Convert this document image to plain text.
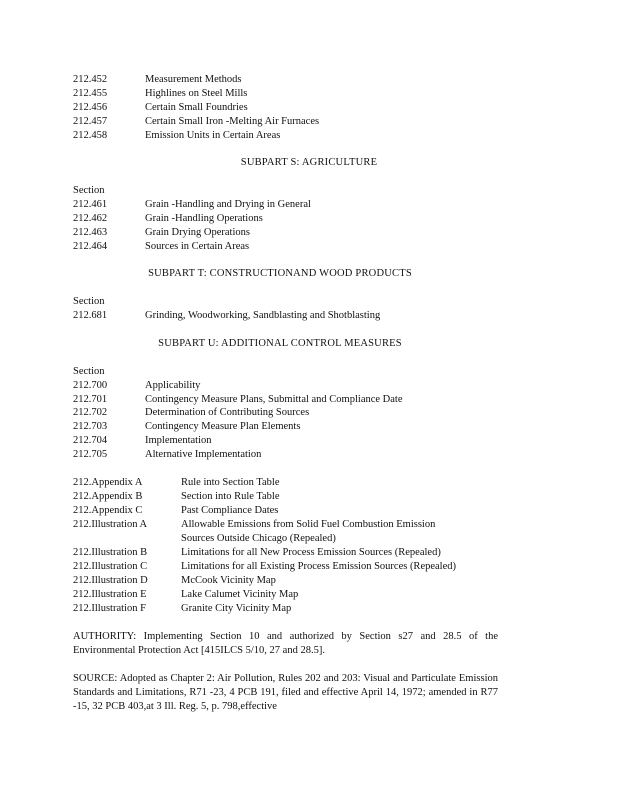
212.452	Measurement Methods
212.455	Highlines on Steel Mills
212.456	Certain Small Foundries
212.457	Certain Small Iron -Melting Air Furnaces
212.458	Emission Units in Certain Areas
SUBPART S: AGRICULTURE
Section
212.461	Grain -Handling and Drying in General
212.462	Grain -Handling Operations
212.463	Grain Drying Operations
212.464	Sources in Certain Areas
SUBPART T: CONSTRUCTIONAND WOOD PRODUCTS
Section
212.681	Grinding, Woodworking, Sandblasting and Shotblasting
SUBPART U: ADDITIONAL CONTROL MEASURES
Section
212.700	Applicability
212.701	Contingency Measure Plans, Submittal and Compliance Date
212.702	Determination of Contributing Sources
212.703	Contingency Measure Plan Elements
212.704	Implementation
212.705	Alternative Implementation
212.Appendix A	Rule into Section Table
212.Appendix B	Section into Rule Table
212.Appendix C	Past Compliance Dates
212.Illustration A	Allowable Emissions from Solid Fuel Combustion Emission
Sources Outside Chicago (Repealed)
212.Illustration B	Limitations for all New Process Emission Sources (Repealed)
212.Illustration C	Limitations for all Existing Process Emission Sources (Repealed)
212.Illustration D	McCook Vicinity Map
212.Illustration E	Lake Calumet Vicinity Map
212.Illustration F	Granite City Vicinity Map
AUTHORITY: Implementing Section 10 and authorized by Section s27 and 28.5 of the Environmental Protection Act [415ILCS 5/10, 27 and 28.5].
SOURCE: Adopted as Chapter 2: Air Pollution, Rules 202 and 203: Visual and Particulate Emission Standards and Limitations, R71 -23, 4 PCB 191, filed and effective April 14, 1972; amended in R77 -15, 32 PCB 403,at 3 Ill. Reg. 5, p. 798,effective
